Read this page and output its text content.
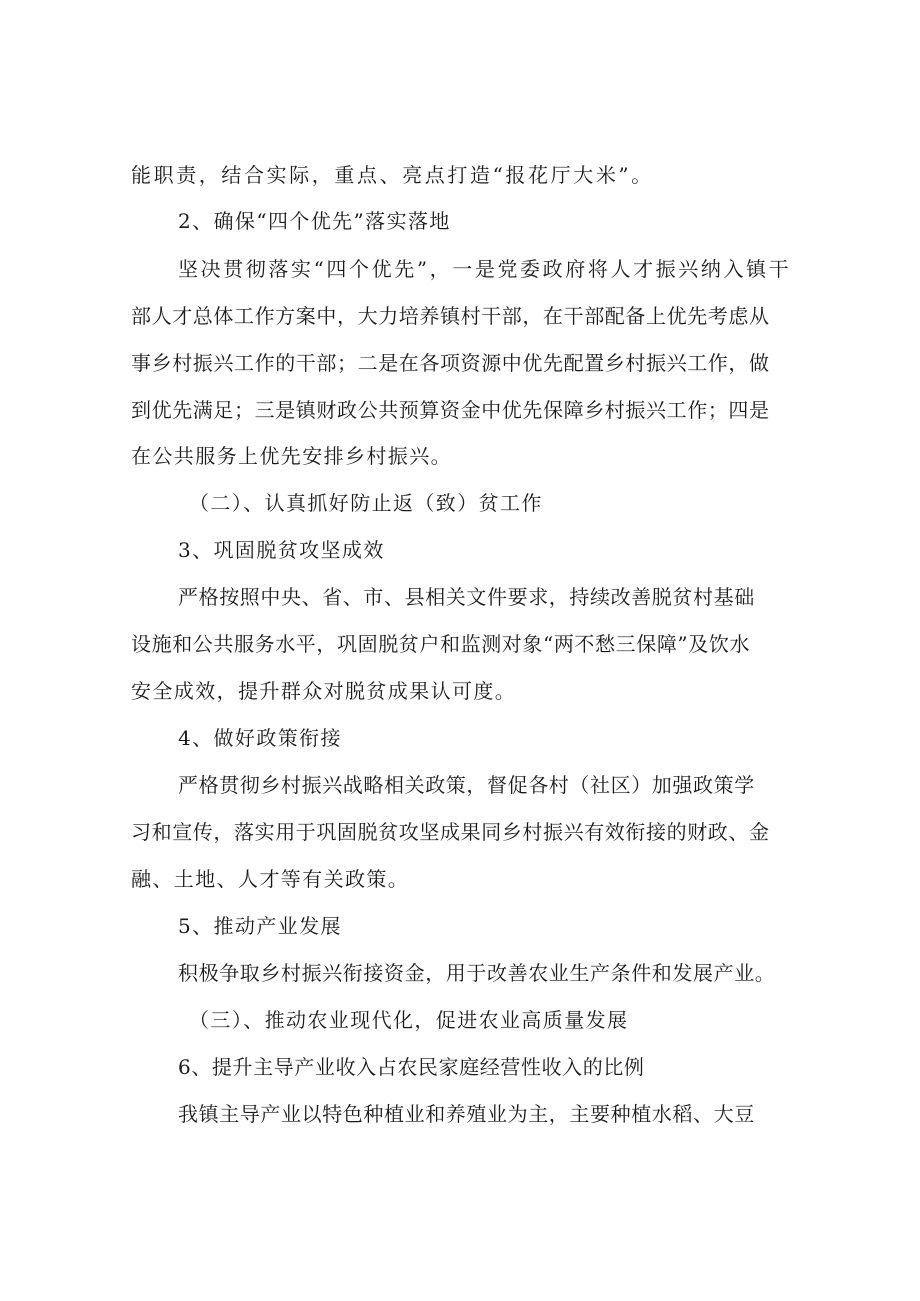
能职责，结合实际，重点、亮点打造“报花厅大米”。
2、确保“四个优先”落实落地
坚决贯彻落实“四个优先”，一是党委政府将人才振兴纳入镇干
部人才总体工作方案中，大力培养镇村干部，在干部配备上优先考虑从
事乡村振兴工作的干部；二是在各项资源中优先配置乡村振兴工作，做
到优先满足；三是镇财政公共预算资金中优先保障乡村振兴工作；四是
在公共服务上优先安排乡村振兴。
（二）、认真抓好防止返（致）贫工作
3、巩固脱贫攻坚成效
严格按照中央、省、市、县相关文件要求，持续改善脱贫村基础
设施和公共服务水平，巩固脱贫户和监测对象“两不愁三保障”及饮水
安全成效，提升群众对脱贫成果认可度。
4、做好政策衔接
严格贯彻乡村振兴战略相关政策，督促各村（社区）加强政策学
习和宣传，落实用于巩固脱贫攻坚成果同乡村振兴有效衔接的财政、金
融、土地、人才等有关政策。
5、推动产业发展
积极争取乡村振兴衔接资金，用于改善农业生产条件和发展产业。
（三）、推动农业现代化，促进农业高质量发展
6、提升主导产业收入占农民家庭经营性收入的比例
我镇主导产业以特色种植业和养殖业为主，主要种植水稻、大豆
